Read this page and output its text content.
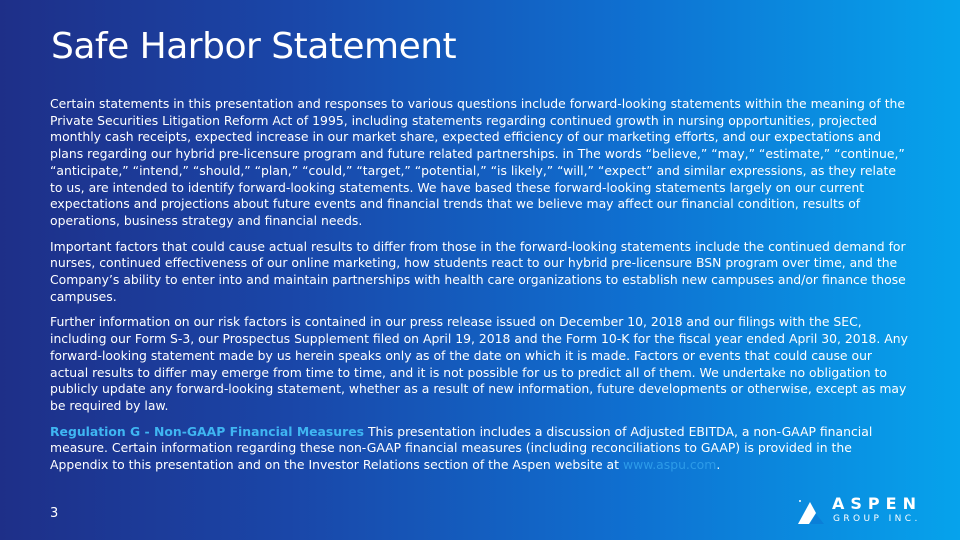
Safe Harbor Statement

Certain statements in this presentation and responses to various questions include forward-looking statements within the meaning of the Private Securities Litigation Reform Act of 1995, including statements regarding continued growth in nursing opportunities, projected monthly cash receipts, expected increase in our market share, expected efficiency of our marketing efforts, and our expectations and plans regarding our hybrid pre-licensure program and future related partnerships. in The words “believe,” “may,” “estimate,” “continue,” “anticipate,” “intend,” “should,” “plan,” “could,” “target,” “potential,” “is likely,” “will,” “expect” and similar expressions, as they relate to us, are intended to identify forward-looking statements. We have based these forward-looking statements largely on our current expectations and projections about future events and financial trends that we believe may affect our financial condition, results of operations, business strategy and financial needs.

Important factors that could cause actual results to differ from those in the forward-looking statements include the continued demand for nurses, continued effectiveness of our online marketing, how students react to our hybrid pre-licensure BSN program over time, and the Company’s ability to enter into and maintain partnerships with health care organizations to establish new campuses and/or finance those campuses.

Further information on our risk factors is contained in our press release issued on December 10, 2018 and our filings with the SEC, including our Form S-3, our Prospectus Supplement filed on April 19, 2018 and the Form 10-K for the fiscal year ended April 30, 2018. Any forward-looking statement made by us herein speaks only as of the date on which it is made. Factors or events that could cause our actual results to differ may emerge from time to time, and it is not possible for us to predict all of them. We undertake no obligation to publicly update any forward-looking statement, whether as a result of new information, future developments or otherwise, except as may be required by law.

Regulation G - Non-GAAP Financial Measures This presentation includes a discussion of Adjusted EBITDA, a non-GAAP financial measure. Certain information regarding these non-GAAP financial measures (including reconciliations to GAAP) is provided in the Appendix to this presentation and on the Investor Relations section of the Aspen website at www.aspu.com.

3
ASPEN
GROUP INC.
